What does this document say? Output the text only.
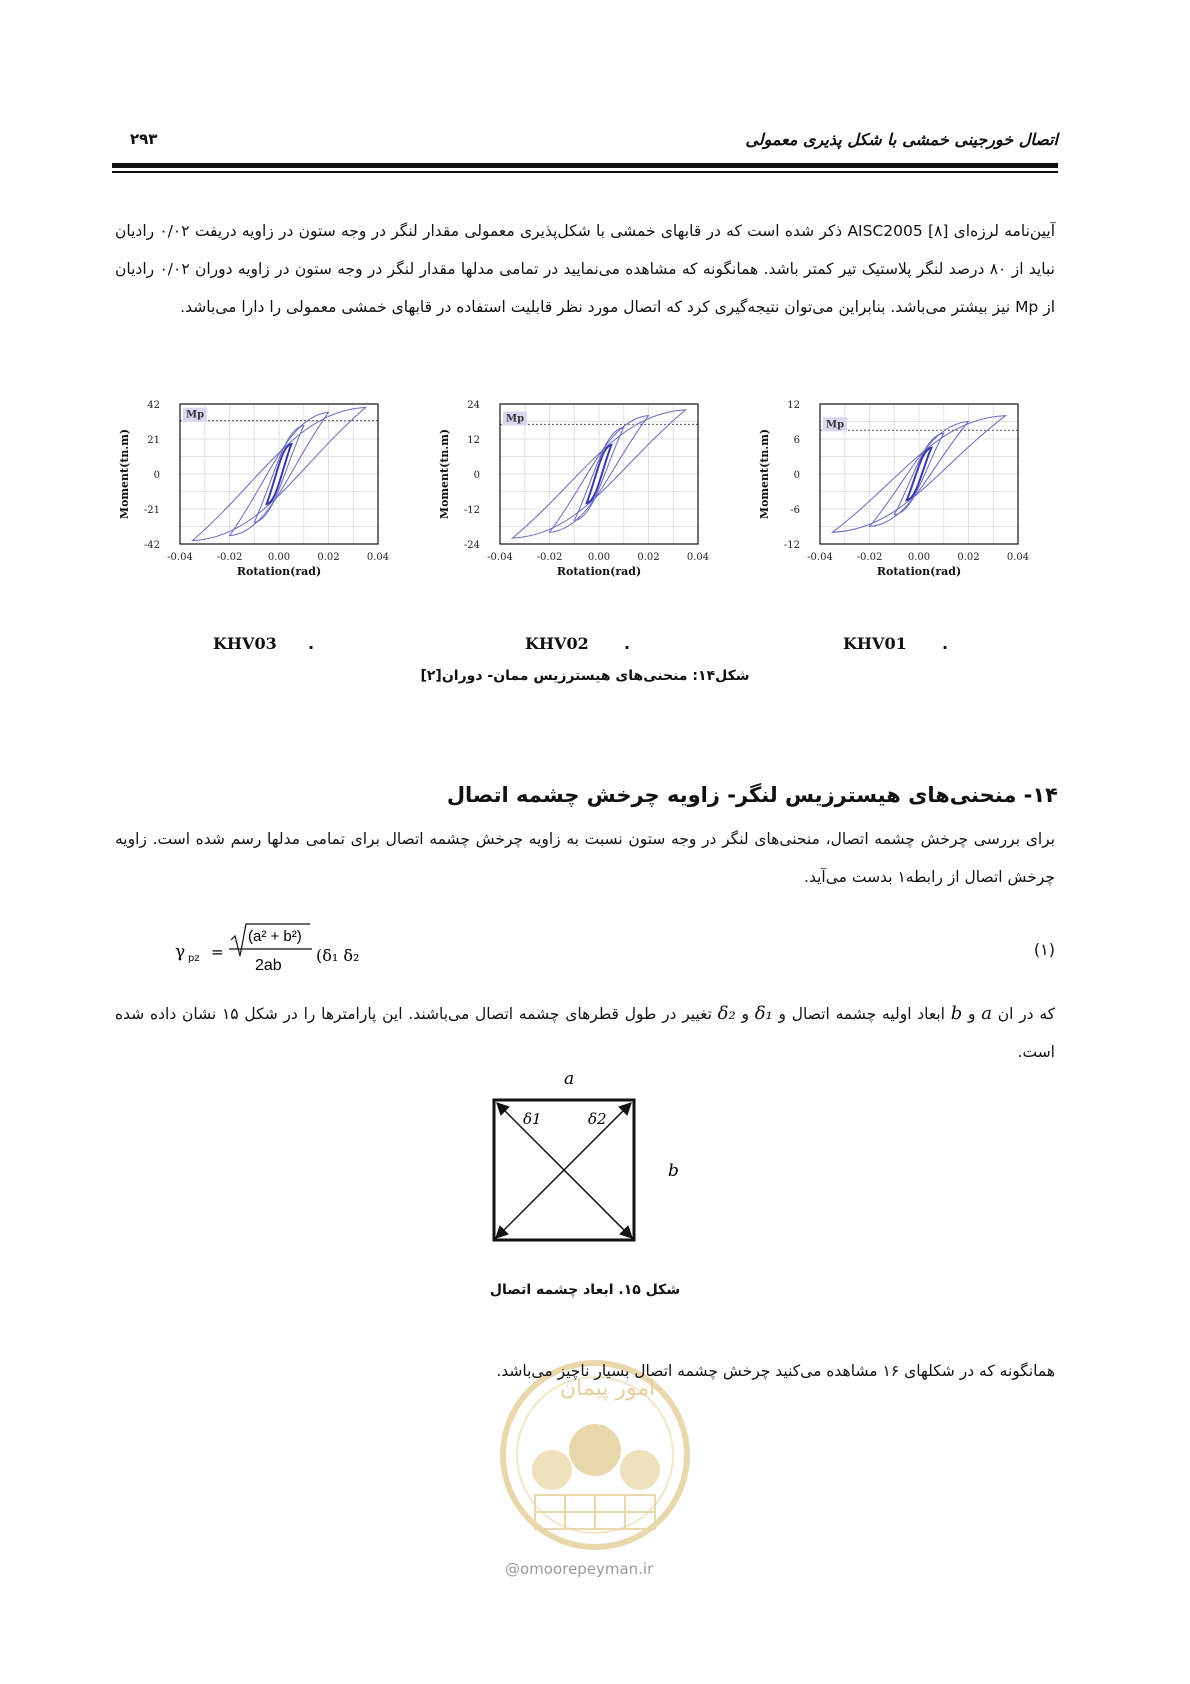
۲۹۳	اتصال خورجینی خمشی با شکل پذیری معمولی
آیین‌نامه لرزه‌ای AISC2005 [۸] ذکر شده است که در قابهای خمشی با شکل‌پذیری معمولی مقدار لنگر در وجه ستون در زاویه دریفت ۰/۰۲ رادیان نباید از ۸۰ درصد لنگر پلاستیک تیر کمتر باشد. همانگونه که مشاهده می‌نمایید در تمامی مدلها مقدار لنگر در وجه ستون در زاویه دوران ۰/۰۲ رادیان از Mp نیز بیشتر می‌باشد. بنابراین می‌توان نتیجه‌گیری کرد که اتصال مورد نظر قابلیت استفاده در قابهای خمشی معمولی را دارا می‌باشد.
Mp
42
21
0
-21
-42
-0.04 -0.02	0.00	0.02	0.04
Rotation(rad)
Moment(tn.m)
Mp
24
12
0
-12
-24
-0.04 -0.02	0.00	0.02	0.04
Rotation(rad)
Moment(tn.m)
Mp
12
6
0
-6
-12
-0.04 -0.02	0.00	0.02	0.04
Rotation(rad)
Moment(tn.m)
KHV03 .	KHV02 .	KHV01 .
شکل۱۴: منحنی‌های هیسترزیس ممان- دوران[۲]
۱۴- منحنی‌های هیسترزیس لنگر- زاویه چرخش چشمه اتصال
برای بررسی چرخش چشمه اتصال، منحنی‌های لنگر در وجه ستون نسبت به زاویه چرخش چشمه اتصال برای تمامی مدلها رسم شده است. زاویه چرخش اتصال از رابطه۱ بدست می‌آید.
γ pz =
(a² + b²)
2ab
(δ₁ δ₂	(۱)
که در ان a و b ابعاد اولیه چشمه اتصال و δ₁ و δ₂ تغییر در طول قطرهای چشمه اتصال می‌باشند. این پارامترها را در شکل ۱۵ نشان داده شده است.
a
δ1	δ2
b
شکل ۱۵. ابعاد چشمه اتصال
امور پیمان
@omoorepeyman.ir
همانگونه که در شکلهای ۱۶ مشاهده می‌کنید چرخش چشمه اتصال بسیار ناچیز می‌باشد.
